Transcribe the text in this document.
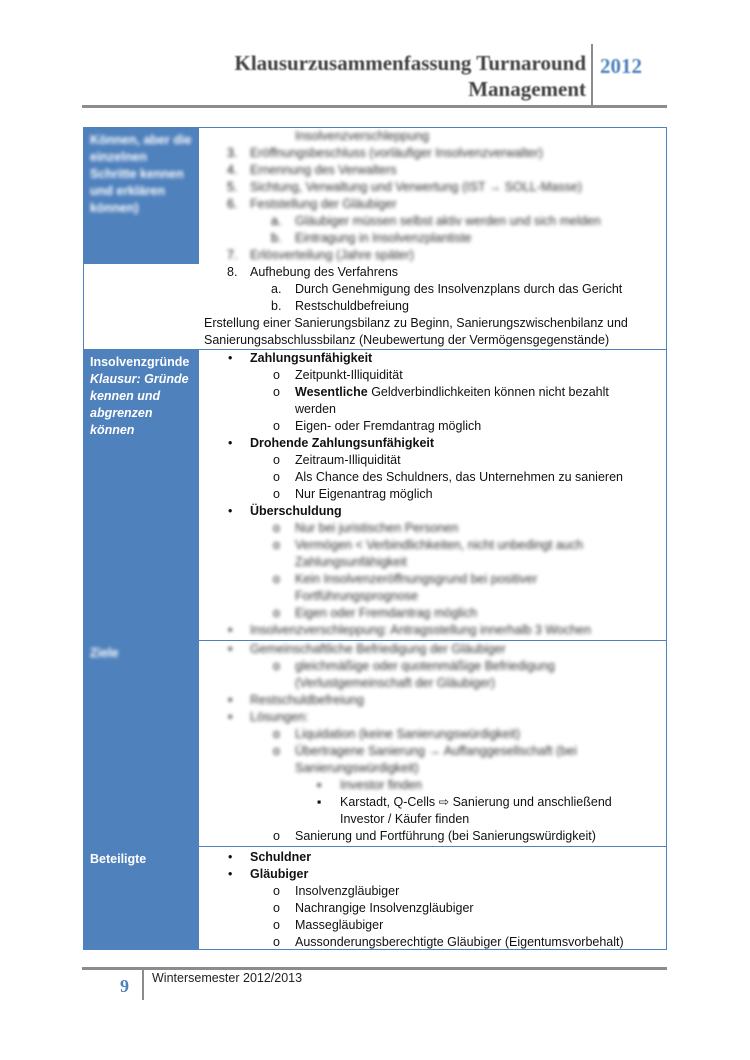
Klausurzusammenfassung Turnaround
Management
2012
Können, aber die einzelnen Schritte kennen und erklären können)
Insolvenzverschleppung
3. Eröffnungsbeschluss (vorläufiger Insolvenzverwalter)
4. Ernennung des Verwalters
5. Sichtung, Verwaltung und Verwertung (IST → SOLL-Masse)
6. Feststellung der Gläubiger
a. Gläubiger müssen selbst aktiv werden und sich melden
b. Eintragung in Insolvenzplantiste
7. Erlösverteilung (Jahre später)
8. Aufhebung des Verfahrens
a. Durch Genehmigung des Insolvenzplans durch das Gericht
b. Restschuldbefreiung
Erstellung einer Sanierungsbilanz zu Beginn, Sanierungszwischenbilanz und
Sanierungsabschlussbilanz (Neubewertung der Vermögensgegenstände)
Insolvenzgründe
Klausur: Gründe kennen und abgrenzen können
• Zahlungsunfähigkeit
o Zeitpunkt-Illiquidität
o Wesentliche Geldverbindlichkeiten können nicht bezahlt
werden
o Eigen- oder Fremdantrag möglich
• Drohende Zahlungsunfähigkeit
o Zeitraum-Illiquidität
o Als Chance des Schuldners, das Unternehmen zu sanieren
o Nur Eigenantrag möglich
• Überschuldung
o Nur bei juristischen Personen
o Vermögen < Verbindlichkeiten, nicht unbedingt auch
Zahlungsunfähigkeit
o Kein Insolvenzeröffnungsgrund bei positiver
Fortführungsprognose
o Eigen oder Fremdantrag möglich
• Insolvenzverschleppung: Antragsstellung innerhalb 3 Wochen
Ziele	• Gemeinschaftliche Befriedigung der Gläubiger
o gleichmäßige oder quotenmäßige Befriedigung
(Verlustgemeinschaft der Gläubiger)
• Restschuldbefreiung
• Lösungen:
o Liquidation (keine Sanierungswürdigkeit)
o Übertragene Sanierung → Auffanggesellschaft (bei
Sanierungswürdigkeit)
▪ Investor finden
▪ Karstadt, Q-Cells ⇨ Sanierung und anschließend
Investor / Käufer finden
o Sanierung und Fortführung (bei Sanierungswürdigkeit)
Beteiligte	• Schuldner
• Gläubiger
o Insolvenzgläubiger
o Nachrangige Insolvenzgläubiger
o Massegläubiger
o Aussonderungsberechtigte Gläubiger (Eigentumsvorbehalt)
9 Wintersemester 2012/2013
